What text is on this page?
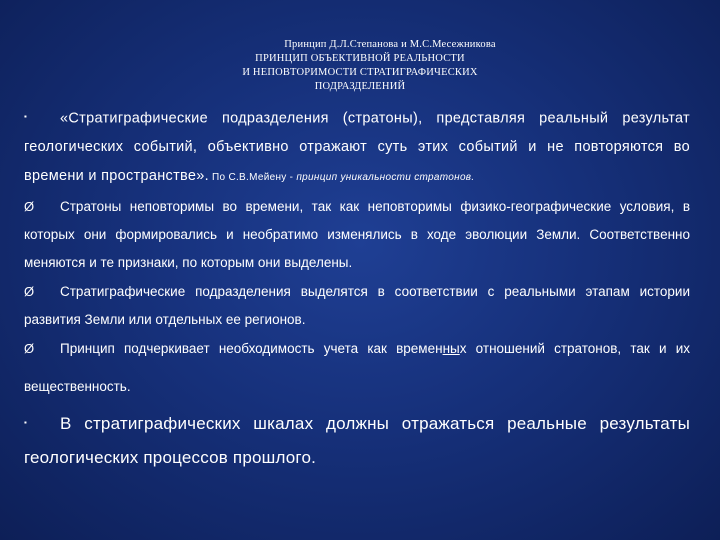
Принцип Д.Л.Степанова и М.С.Месежникова
ПРИНЦИП ОБЪЕКТИВНОЙ РЕАЛЬНОСТИ
И НЕПОВТОРИМОСТИ СТРАТИГРАФИЧЕСКИХ
ПОДРАЗДЕЛЕНИЙ
▪ «Стратиграфические подразделения (стратоны), представляя реальный результат геологических событий, объективно отражают суть этих событий и не повторяются во времени и пространстве». По С.В.Мейену - принцип уникальности стратонов.
Ø Стратоны неповторимы во времени, так как неповторимы физико-географические условия, в которых они формировались и необратимо изменялись в ходе эволюции Земли. Соответственно меняются и те признаки, по которым они выделены.
Ø Стратиграфические подразделения выделятся в соответствии с реальными этапам истории развития Земли или отдельных ее регионов.
Ø Принцип подчеркивает необходимость учета как временных отношений стратонов, так и их вещественность.
▪ В стратиграфических шкалах должны отражаться реальные результаты геологических процессов прошлого.
